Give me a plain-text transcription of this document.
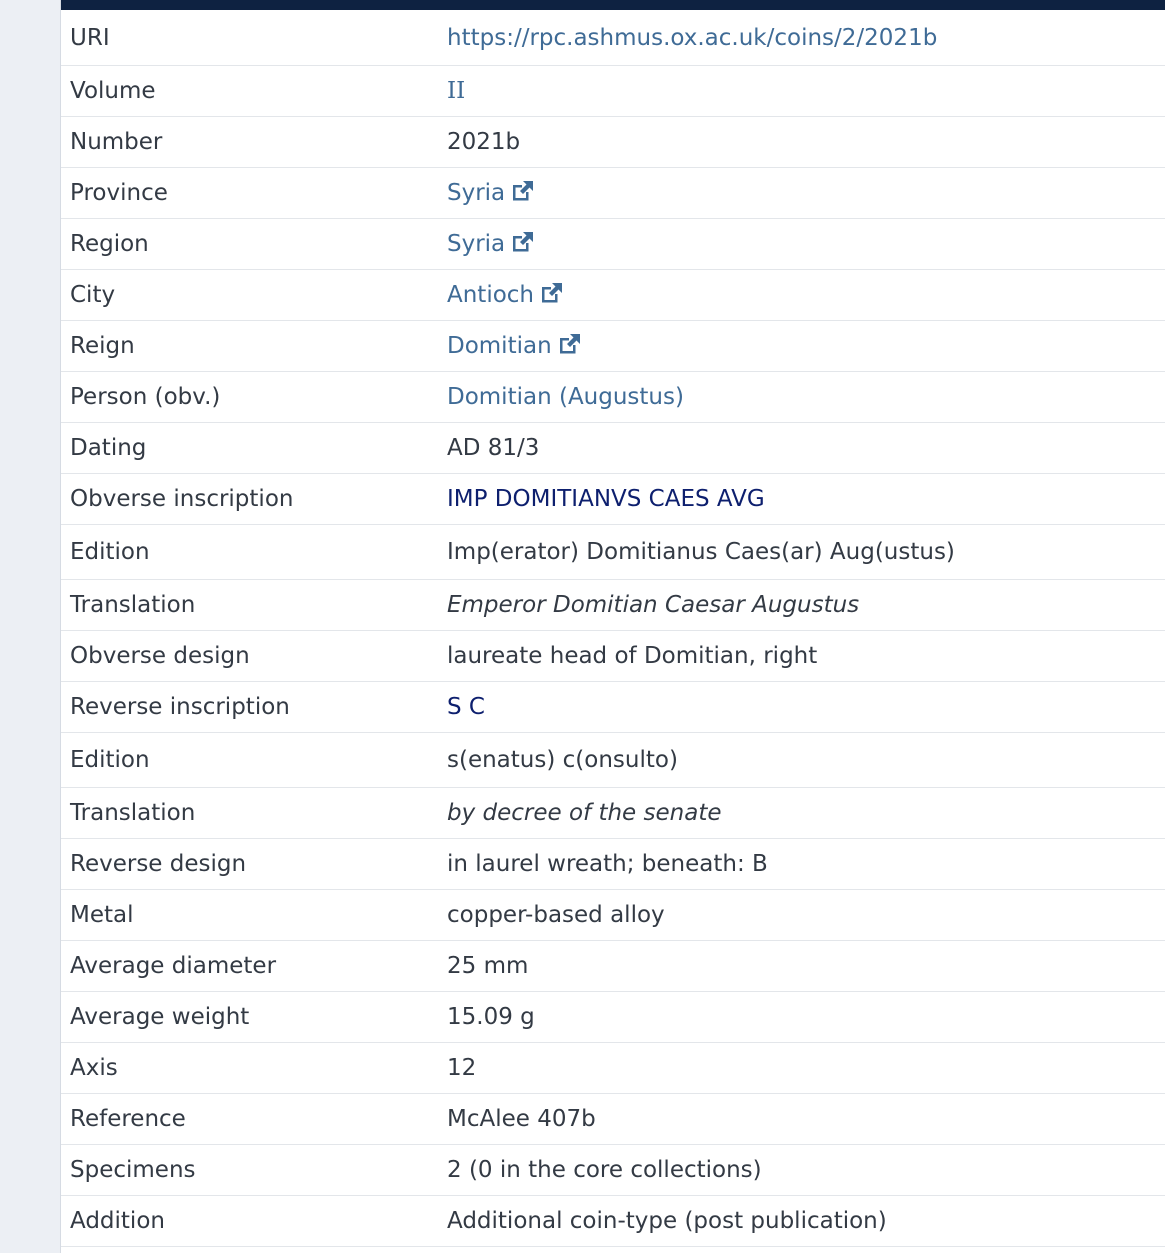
URI	https://rpc.ashmus.ox.ac.uk/coins/2/2021b
Volume	II
Number	2021b
Province	Syria
Region	Syria
City	Antioch
Reign	Domitian
Person (obv.)	Domitian (Augustus)
Dating	AD 81/3
Obverse inscription	IMP DOMITIANVS CAES AVG
Edition	Imp(erator) Domitianus Caes(ar) Aug(ustus)
Translation	Emperor Domitian Caesar Augustus
Obverse design	laureate head of Domitian, right
Reverse inscription	S C
Edition	s(enatus) c(onsulto)
Translation	by decree of the senate
Reverse design	in laurel wreath; beneath: B
Metal	copper-based alloy
Average diameter	25 mm
Average weight	15.09 g
Axis	12
Reference	McAlee 407b
Specimens	2 (0 in the core collections)
Addition	Additional coin-type (post publication)
